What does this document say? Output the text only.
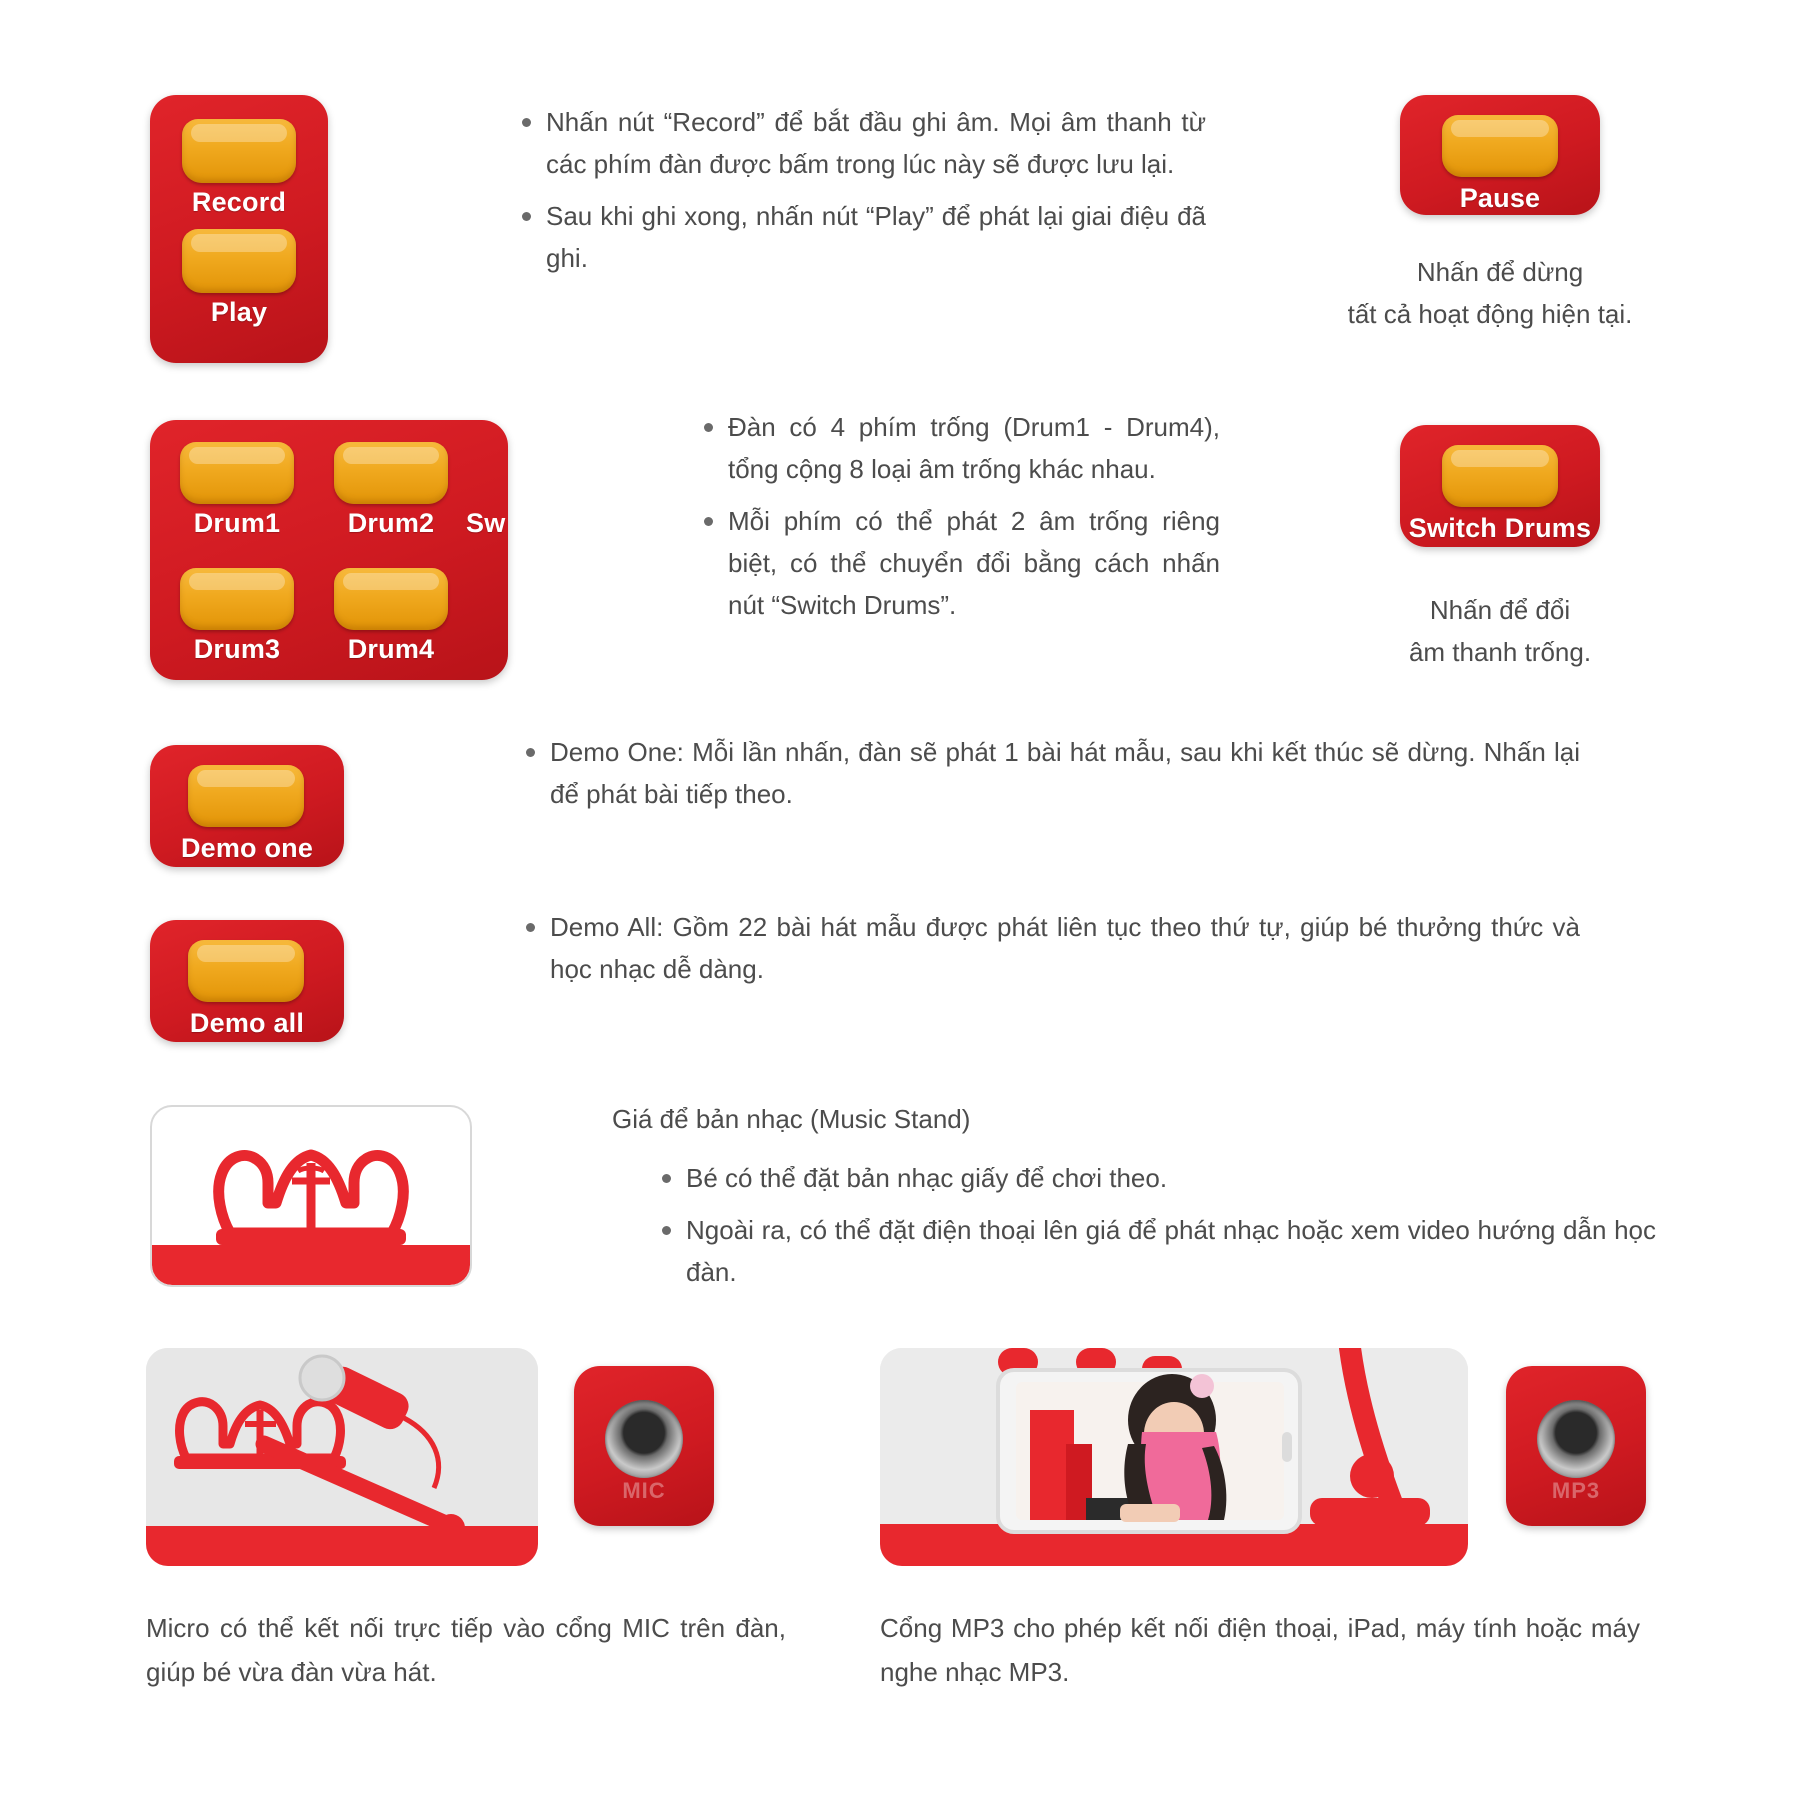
Record
Play
Nhấn nút “Record” để bắt đầu ghi âm. Mọi âm thanh từ các phím đàn được bấm trong lúc này sẽ được lưu lại.
Sau khi ghi xong, nhấn nút “Play” để phát lại giai điệu đã ghi.
Pause
Nhấn để dừng
tất cả hoạt động hiện tại.
Drum1	Drum2	Sw
Drum3	Drum4
Đàn có 4 phím trống (Drum1 - Drum4), tổng cộng 8 loại âm trống khác nhau.
Mỗi phím có thể phát 2 âm trống riêng biệt, có thể chuyển đổi bằng cách nhấn nút “Switch Drums”.
Switch Drums
Nhấn để đổi
âm thanh trống.
Demo one
Demo One: Mỗi lần nhấn, đàn sẽ phát 1 bài hát mẫu, sau khi kết thúc sẽ dừng. Nhấn lại để phát bài tiếp theo.
Demo all
Demo All: Gồm 22 bài hát mẫu được phát liên tục theo thứ tự, giúp bé thưởng thức và học nhạc dễ dàng.
Giá để bản nhạc (Music Stand)
Bé có thể đặt bản nhạc giấy để chơi theo.
Ngoài ra, có thể đặt điện thoại lên giá để phát nhạc hoặc xem video hướng dẫn học đàn.
MIC
Micro có thể kết nối trực tiếp vào cổng MIC trên đàn, giúp bé vừa đàn vừa hát.
MP3
Cổng MP3 cho phép kết nối điện thoại, iPad, máy tính hoặc máy nghe nhạc MP3.
